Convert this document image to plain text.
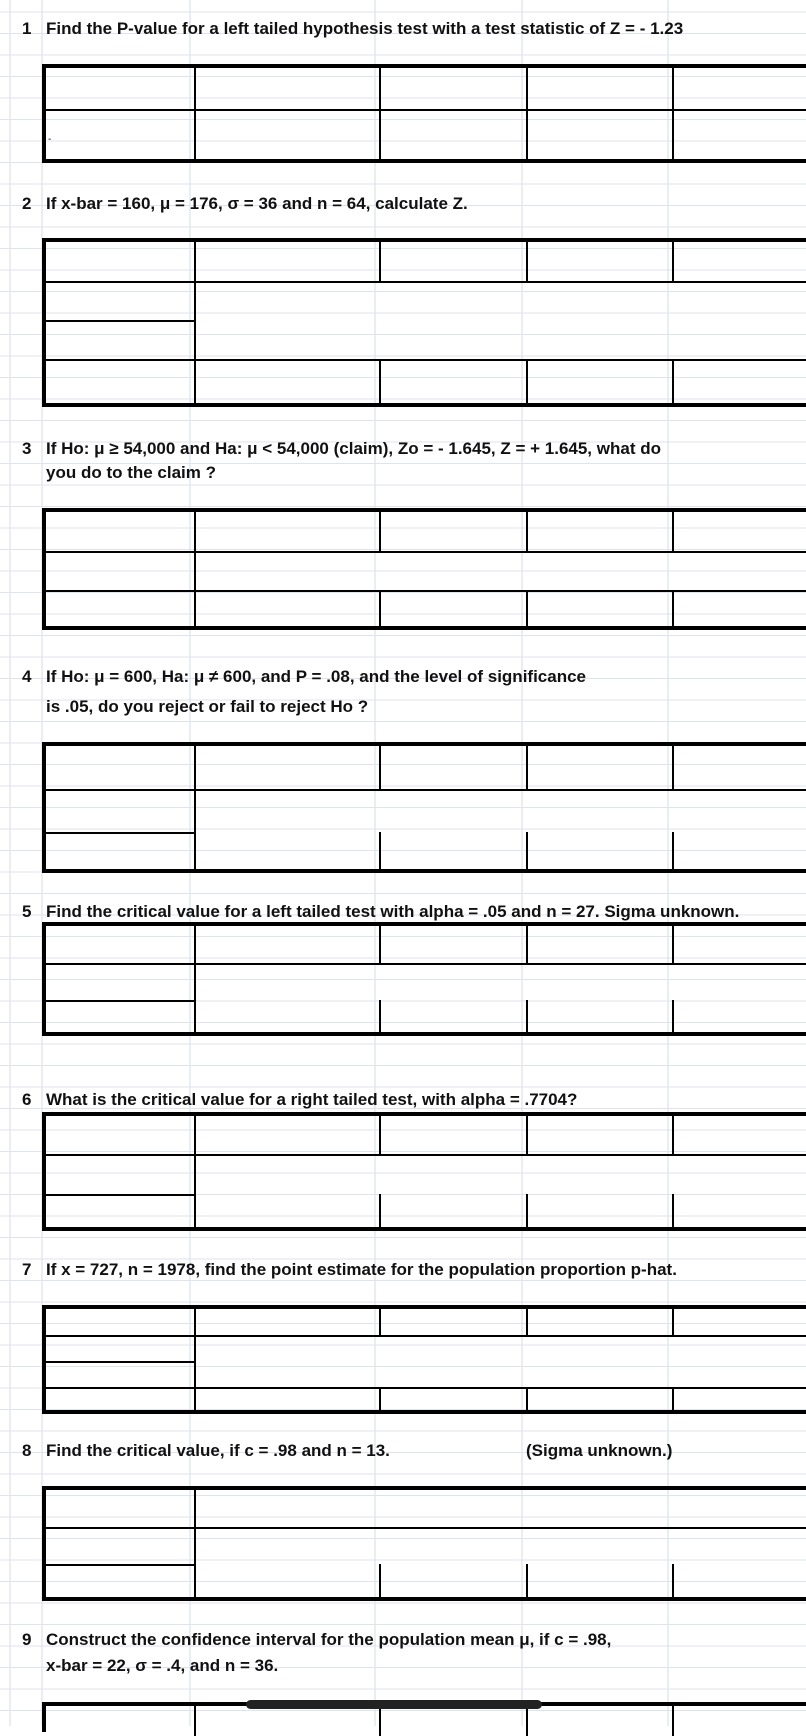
1 Find the P-value for a left tailed hypothesis test with a test statistic of Z = - 1.23
-
2 If x-bar = 160, μ = 176, σ = 36 and n = 64, calculate Z.
3 If Ho: μ ≥ 54,000 and Ha: μ < 54,000 (claim), Zo = - 1.645, Z = + 1.645, what do
you do to the claim ?
4 If Ho: μ = 600, Ha: μ ≠ 600, and P = .08, and the level of significance
is .05, do you reject or fail to reject Ho ?
5 Find the critical value for a left tailed test with alpha = .05 and n = 27. Sigma unknown.
6 What is the critical value for a right tailed test, with alpha = .7704?
7 If x = 727, n = 1978, find the point estimate for the population proportion p-hat.
8 Find the critical value, if c = .98 and n = 13.	(Sigma unknown.)
9 Construct the confidence interval for the population mean μ, if c = .98,
x-bar = 22, σ = .4, and n = 36.
